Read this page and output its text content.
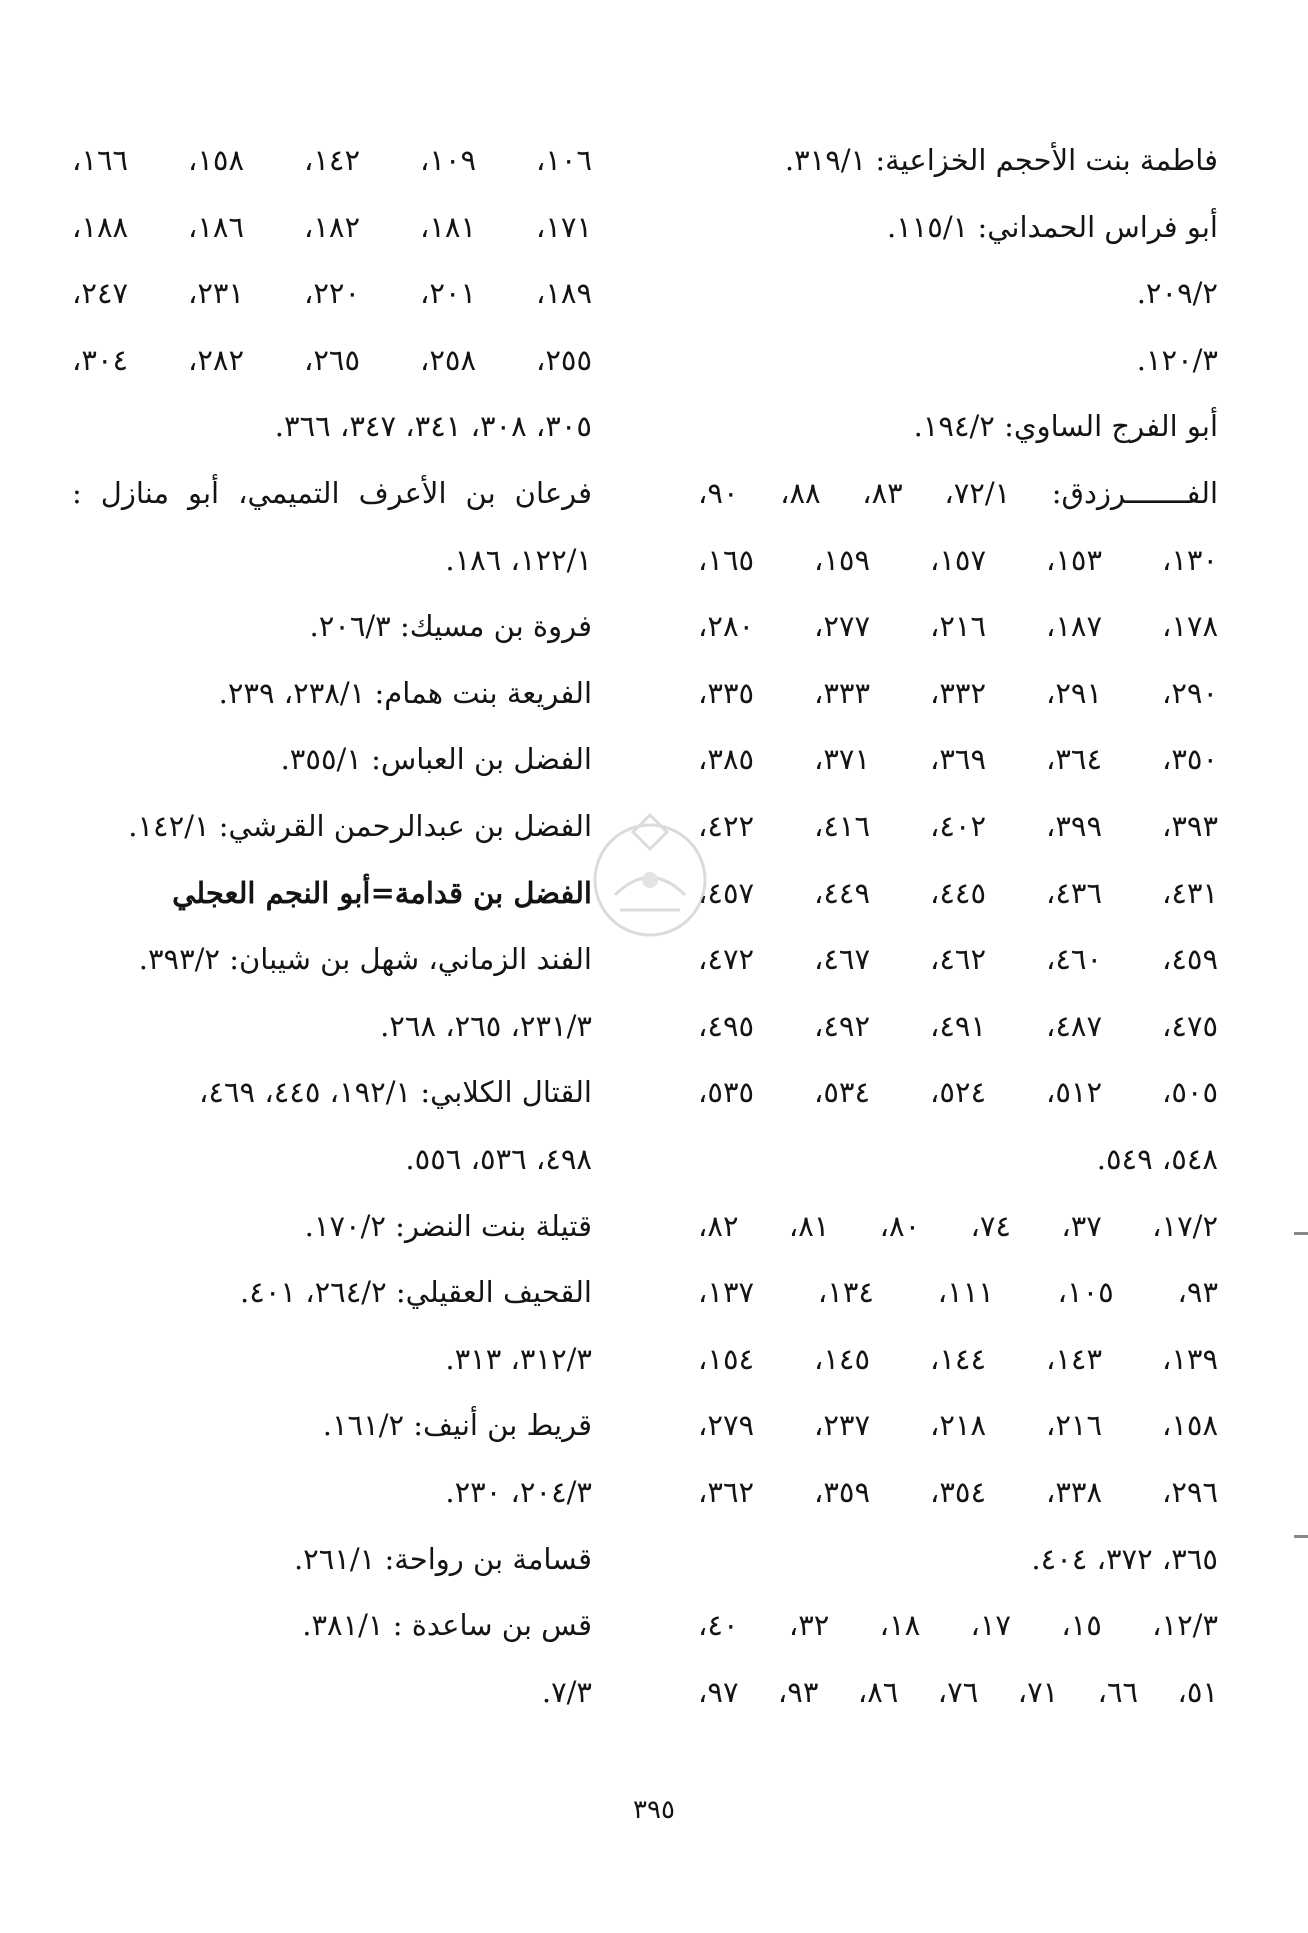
فاطمة بنت الأحجم الخزاعية: ٣١٩/١.
أبو فراس الحمداني: ١١٥/١.
٢٠٩/٢.
١٢٠/٣.
أبو الفرج الساوي: ١٩٤/٢.
الفـــــــرزدق: ٧٢/١، ٨٣، ٨٨، ٩٠،
١٣٠، ١٥٣، ١٥٧، ١٥٩، ١٦٥،
١٧٨، ١٨٧، ٢١٦، ٢٧٧، ٢٨٠،
٢٩٠، ٢٩١، ٣٣٢، ٣٣٣، ٣٣٥،
٣٥٠، ٣٦٤، ٣٦٩، ٣٧١، ٣٨٥،
٣٩٣، ٣٩٩، ٤٠٢، ٤١٦، ٤٢٢،
٤٣١، ٤٣٦، ٤٤٥، ٤٤٩، ٤٥٧،
٤٥٩، ٤٦٠، ٤٦٢، ٤٦٧، ٤٧٢،
٤٧٥، ٤٨٧، ٤٩١، ٤٩٢، ٤٩٥،
٥٠٥، ٥١٢، ٥٢٤، ٥٣٤، ٥٣٥،
٥٤٨، ٥٤٩.
١٧/٢، ٣٧، ٧٤، ٨٠، ٨١، ٨٢،
٩٣، ١٠٥، ١١١، ١٣٤، ١٣٧،
١٣٩، ١٤٣، ١٤٤، ١٤٥، ١٥٤،
١٥٨، ٢١٦، ٢١٨، ٢٣٧، ٢٧٩،
٢٩٦، ٣٣٨، ٣٥٤، ٣٥٩، ٣٦٢،
٣٦٥، ٣٧٢، ٤٠٤.
١٢/٣، ١٥، ١٧، ١٨، ٣٢، ٤٠،
٥١، ٦٦، ٧١، ٧٦، ٨٦، ٩٣، ٩٧،
١٠٦، ١٠٩، ١٤٢، ١٥٨، ١٦٦،
١٧١، ١٨١، ١٨٢، ١٨٦، ١٨٨،
١٨٩، ٢٠١، ٢٢٠، ٢٣١، ٢٤٧،
٢٥٥، ٢٥٨، ٢٦٥، ٢٨٢، ٣٠٤،
٣٠٥، ٣٠٨، ٣٤١، ٣٤٧، ٣٦٦.
فرعان بن الأعرف التميمي، أبو منازل :
١٢٢/١، ١٨٦.
فروة بن مسيك: ٢٠٦/٣.
الفريعة بنت همام: ٢٣٨/١، ٢٣٩.
الفضل بن العباس: ٣٥٥/١.
الفضل بن عبدالرحمن القرشي: ١٤٢/١.
الفضل بن قدامة=أبو النجم العجلي
الفند الزماني، شهل بن شيبان: ٣٩٣/٢.
٢٣١/٣، ٢٦٥، ٢٦٨.
القتال الكلابي: ١٩٢/١، ٤٤٥، ٤٦٩،
٤٩٨، ٥٣٦، ٥٥٦.
قتيلة بنت النضر: ١٧٠/٢.
القحيف العقيلي: ٢٦٤/٢، ٤٠١.
٣١٢/٣، ٣١٣.
قريط بن أنيف: ١٦١/٢.
٢٠٤/٣، ٢٣٠.
قسامة بن رواحة: ٢٦١/١.
قس بن ساعدة : ٣٨١/١.
٧/٣.
٣٩٥
